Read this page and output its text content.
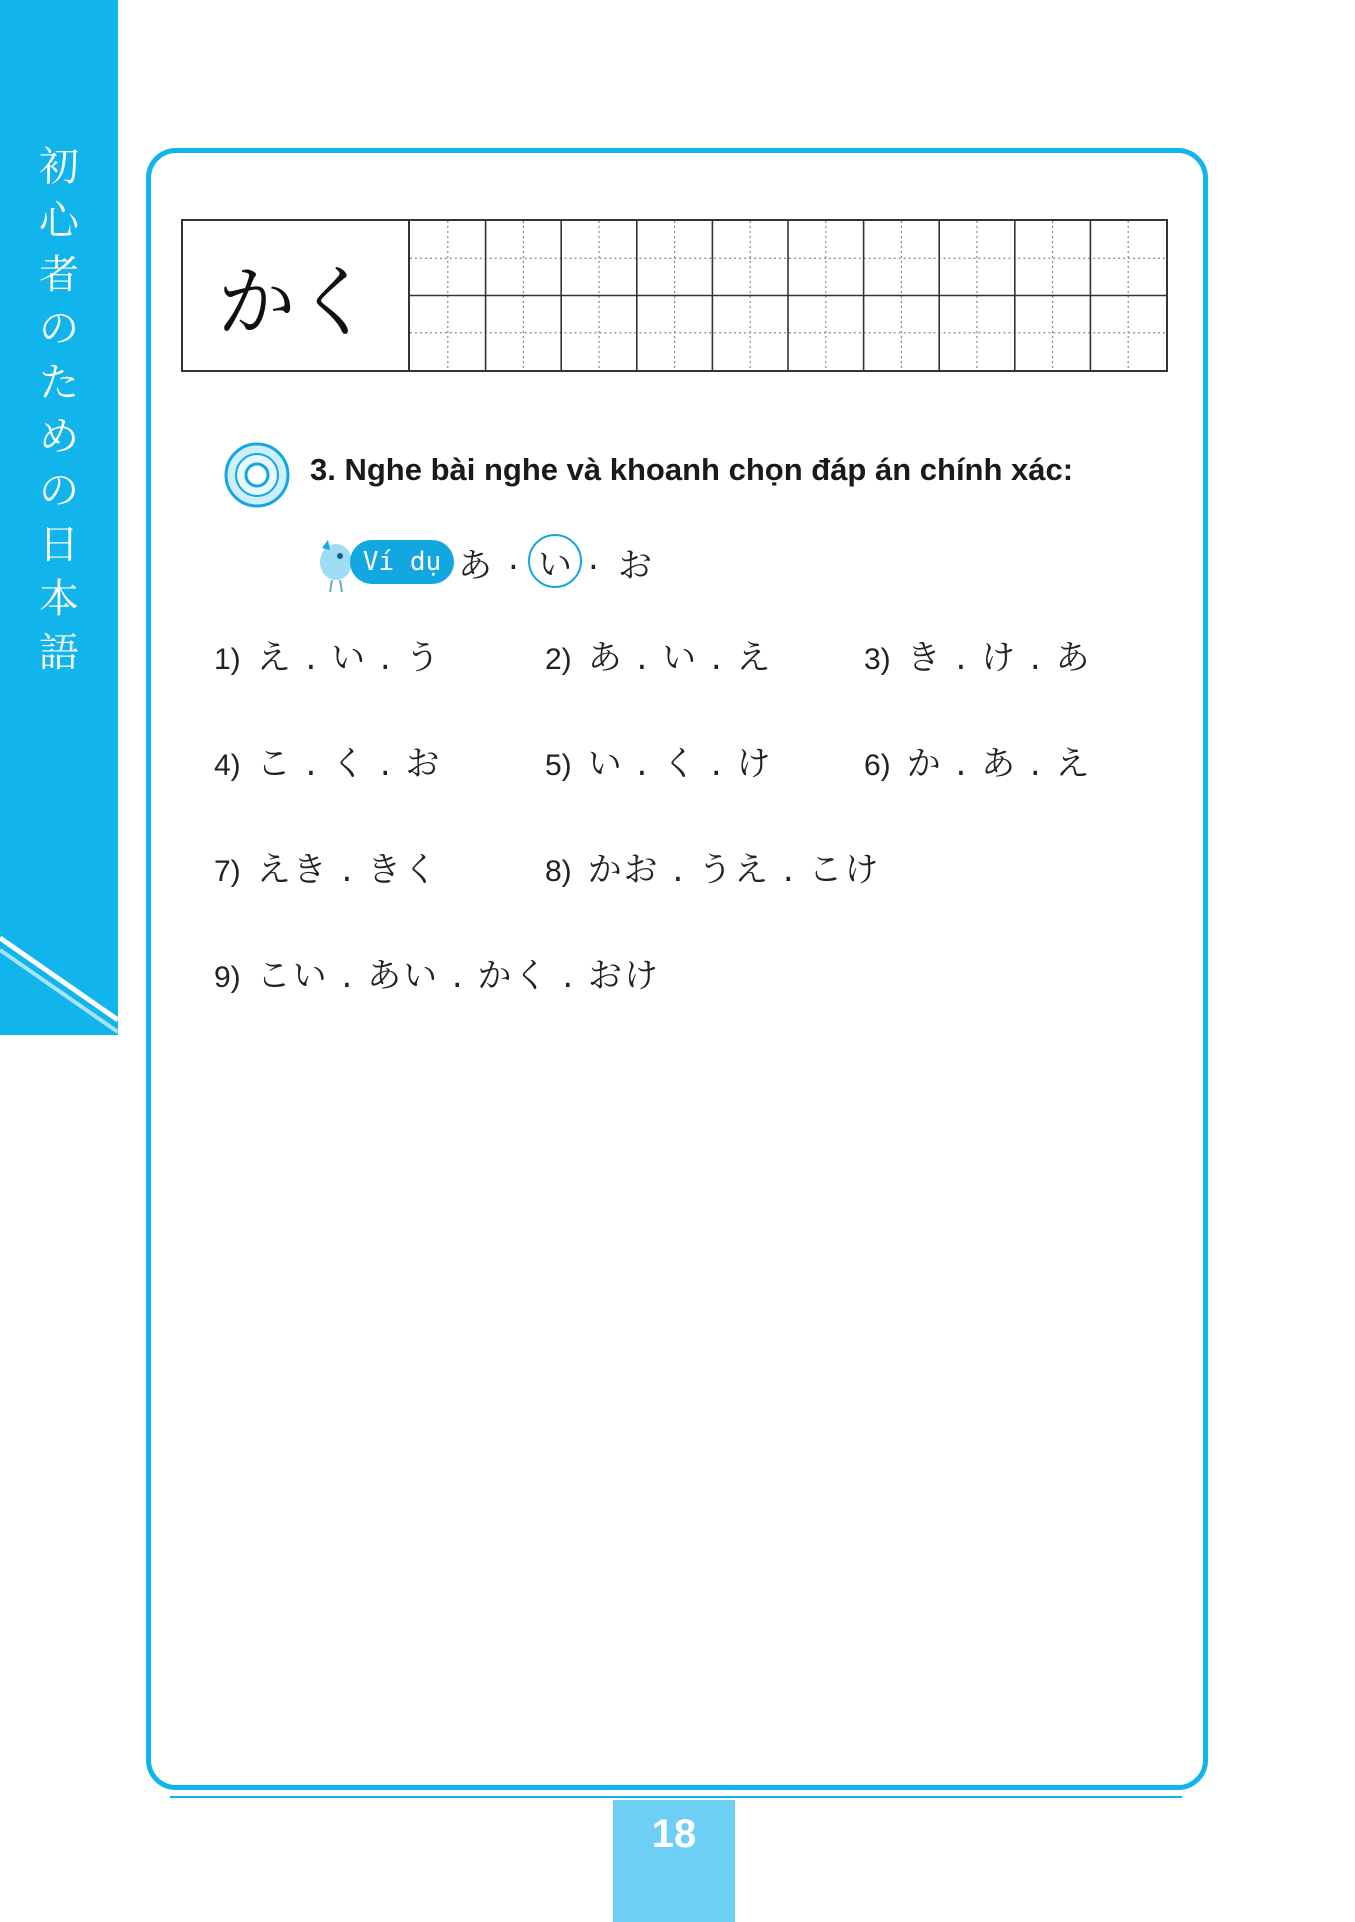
初
心
者
の
た
め
の
日
本
語
かく
3. Nghe bài nghe và khoanh chọn đáp án chính xác:
Ví dụ あ . い . お
1) え . い . う	2) あ . い . え	3) き . け . あ
4) こ . く . お	5) い . く . け	6) か . あ . え
7) えき . きく	8) かお . うえ . こけ
9) こい . あい . かく . おけ
18
